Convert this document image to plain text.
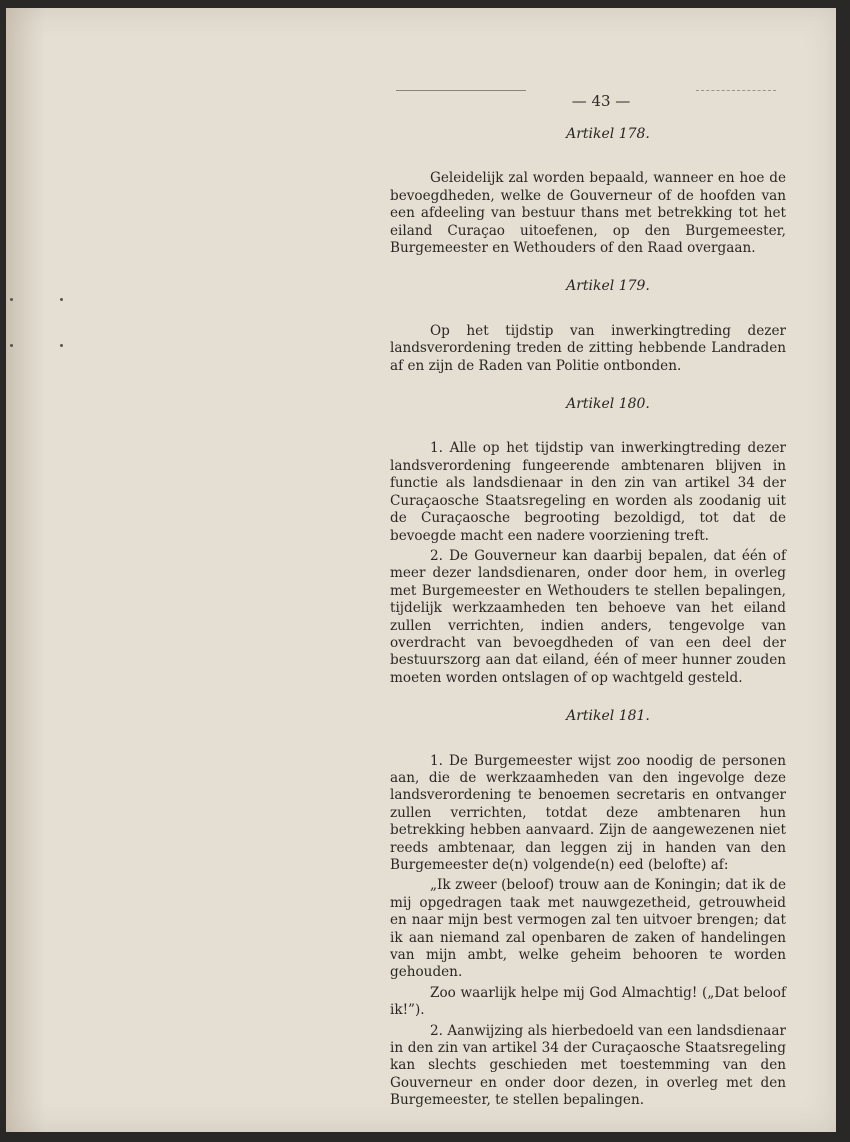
— 43 —
Artikel 178.

Geleidelijk zal worden bepaald, wanneer en hoe de bevoegdheden, welke de Gouverneur of de hoofden van een afdeeling van bestuur thans met betrekking tot het eiland Curaçao uitoefenen, op den Burgemeester, Burgemeester en Wethouders of den Raad overgaan.

Artikel 179.

Op het tijdstip van inwerkingtreding dezer landsverordening treden de zitting hebbende Landraden af en zijn de Raden van Politie ontbonden.

Artikel 180.

1. Alle op het tijdstip van inwerkingtreding dezer landsverordening fungeerende ambtenaren blijven in functie als landsdienaar in den zin van artikel 34 der Curaçaosche Staatsregeling en worden als zoodanig uit de Curaçaosche begrooting bezoldigd, tot dat de bevoegde macht een nadere voorziening treft.

2. De Gouverneur kan daarbij bepalen, dat één of meer dezer landsdienaren, onder door hem, in overleg met Burgemeester en Wethouders te stellen bepalingen, tijdelijk werkzaamheden ten behoeve van het eiland zullen verrichten, indien anders, tengevolge van overdracht van bevoegdheden of van een deel der bestuurszorg aan dat eiland, één of meer hunner zouden moeten worden ontslagen of op wachtgeld gesteld.

Artikel 181.

1. De Burgemeester wijst zoo noodig de personen aan, die de werkzaamheden van den ingevolge deze landsverordening te benoemen secretaris en ontvanger zullen verrichten, totdat deze ambtenaren hun betrekking hebben aanvaard. Zijn de aangewezenen niet reeds ambtenaar, dan leggen zij in handen van den Burgemeester de(n) volgende(n) eed (belofte) af:

„Ik zweer (beloof) trouw aan de Koningin; dat ik de mij opgedragen taak met nauwgezetheid, getrouwheid en naar mijn best vermogen zal ten uitvoer brengen; dat ik aan niemand zal openbaren de zaken of handelingen van mijn ambt, welke geheim behooren te worden gehouden.

Zoo waarlijk helpe mij God Almachtig! („Dat beloof ik!”).

2. Aanwijzing als hierbedoeld van een landsdienaar in den zin van artikel 34 der Curaçaosche Staatsregeling kan slechts geschieden met toestemming van den Gouverneur en onder door dezen, in overleg met den Burgemeester, te stellen bepalingen.
